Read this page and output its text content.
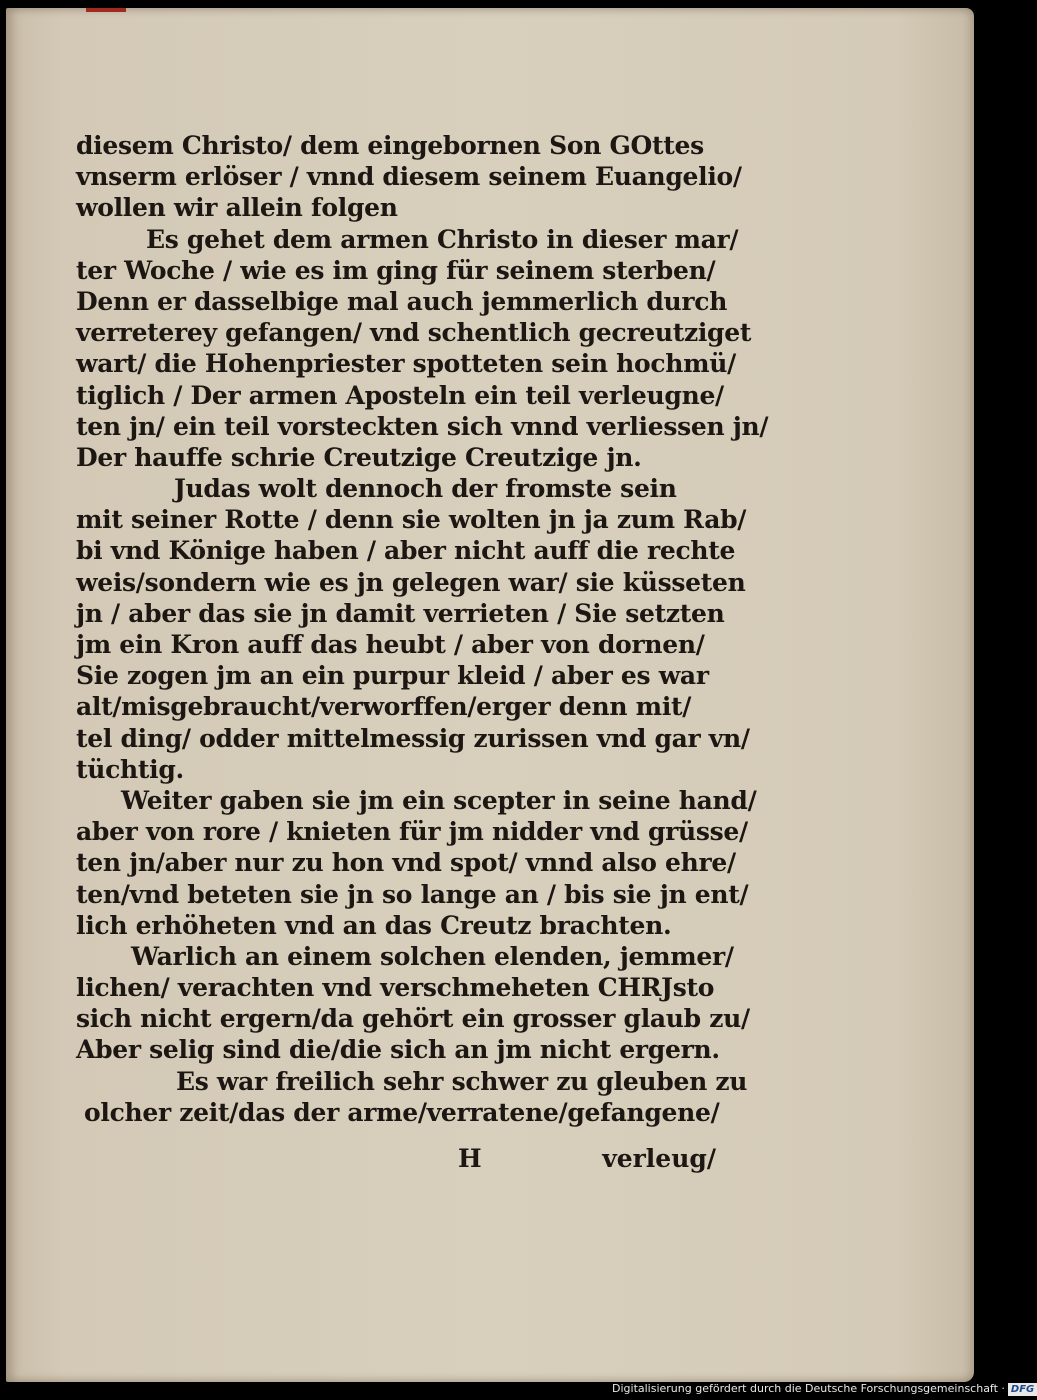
diesem Christo/ dem eingebornen Son GOttes
vnserm erlöser / vnnd diesem seinem Euangelio/
wollen wir allein folgen
Es gehet dem armen Christo in dieser mar/
ter Woche / wie es im ging für seinem sterben/
Denn er dasselbige mal auch jemmerlich durch
verreterey gefangen/ vnd schentlich gecreutziget
wart/ die Hohenpriester spotteten sein hochmü/
tiglich / Der armen Aposteln ein teil verleugne/
ten jn/ ein teil vorsteckten sich vnnd verliessen jn/
Der hauffe schrie Creutzige Creutzige jn.
Judas wolt dennoch der fromste sein
mit seiner Rotte / denn sie wolten jn ja zum Rab/
bi vnd Könige haben / aber nicht auff die rechte
weis/sondern wie es jn gelegen war/ sie küsseten
jn / aber das sie jn damit verrieten / Sie setzten
jm ein Kron auff das heubt / aber von dornen/
Sie zogen jm an ein purpur kleid / aber es war
alt/misgebraucht/verworffen/erger denn mit/
tel ding/ odder mittelmessig zurissen vnd gar vn/
tüchtig.
Weiter gaben sie jm ein scepter in seine hand/
aber von rore / knieten für jm nidder vnd grüsse/
ten jn/aber nur zu hon vnd spot/ vnnd also ehre/
ten/vnd beteten sie jn so lange an / bis sie jn ent/
lich erhöheten vnd an das Creutz brachten.
Warlich an einem solchen elenden, jemmer/
lichen/ verachten vnd verschmeheten CHRJsto
sich nicht ergern/da gehört ein grosser glaub zu/
Aber selig sind die/die sich an jm nicht ergern.
Es war freilich sehr schwer zu gleuben zu
olcher zeit/das der arme/verratene/gefangene/
H	verleug/
Digitalisierung gefördert durch die Deutsche Forschungsgemeinschaft · DFG
